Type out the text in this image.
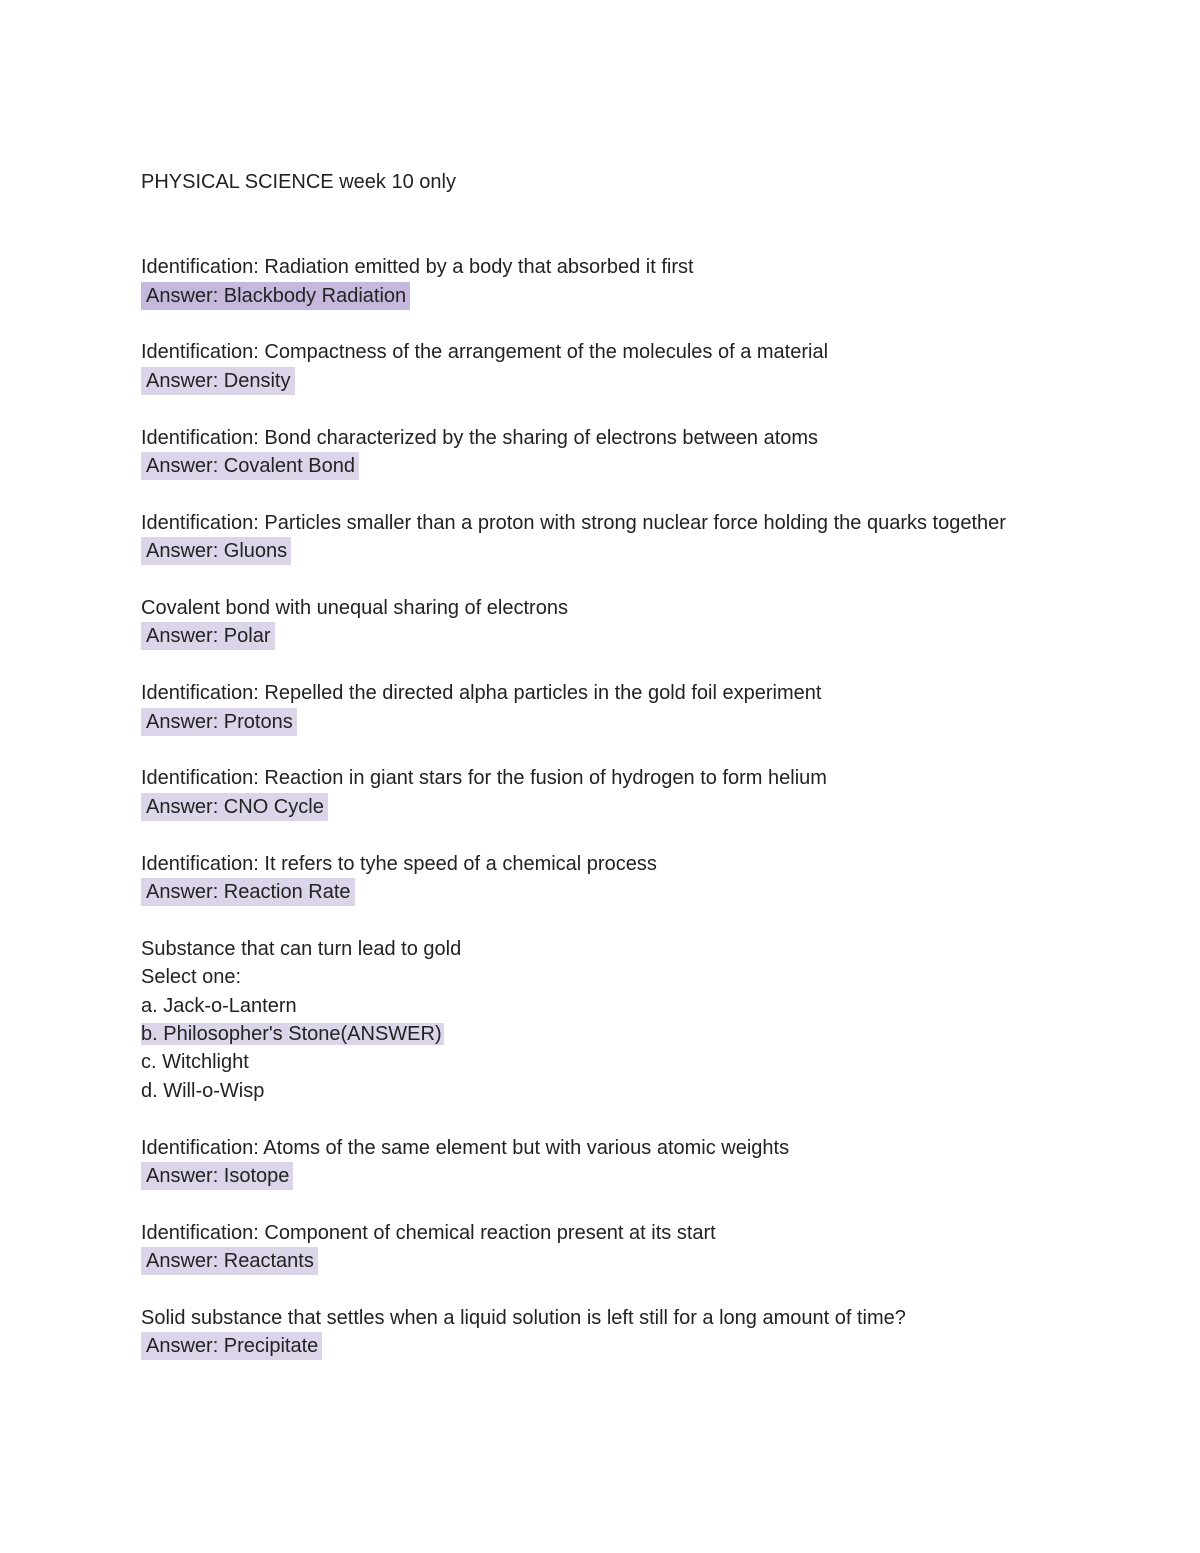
PHYSICAL SCIENCE week 10 only
Identification: Radiation emitted by a body that absorbed it first
Answer: Blackbody Radiation
Identification: Compactness of the arrangement of the molecules of a material
Answer: Density
Identification: Bond characterized by the sharing of electrons between atoms
Answer: Covalent Bond
Identification: Particles smaller than a proton with strong nuclear force holding the quarks together
Answer: Gluons
Covalent bond with unequal sharing of electrons
Answer: Polar
Identification: Repelled the directed alpha particles in the gold foil experiment
Answer: Protons
Identification: Reaction in giant stars for the fusion of hydrogen to form helium
Answer: CNO Cycle
Identification: It refers to tyhe speed of a chemical process
Answer: Reaction Rate
Substance that can turn lead to gold
Select one:
a. Jack-o-Lantern
b. Philosopher's Stone(ANSWER)
c. Witchlight
d. Will-o-Wisp
Identification: Atoms of the same element but with various atomic weights
Answer: Isotope
Identification: Component of chemical reaction present at its start
Answer: Reactants
Solid substance that settles when a liquid solution is left still for a long amount of time?
Answer: Precipitate
